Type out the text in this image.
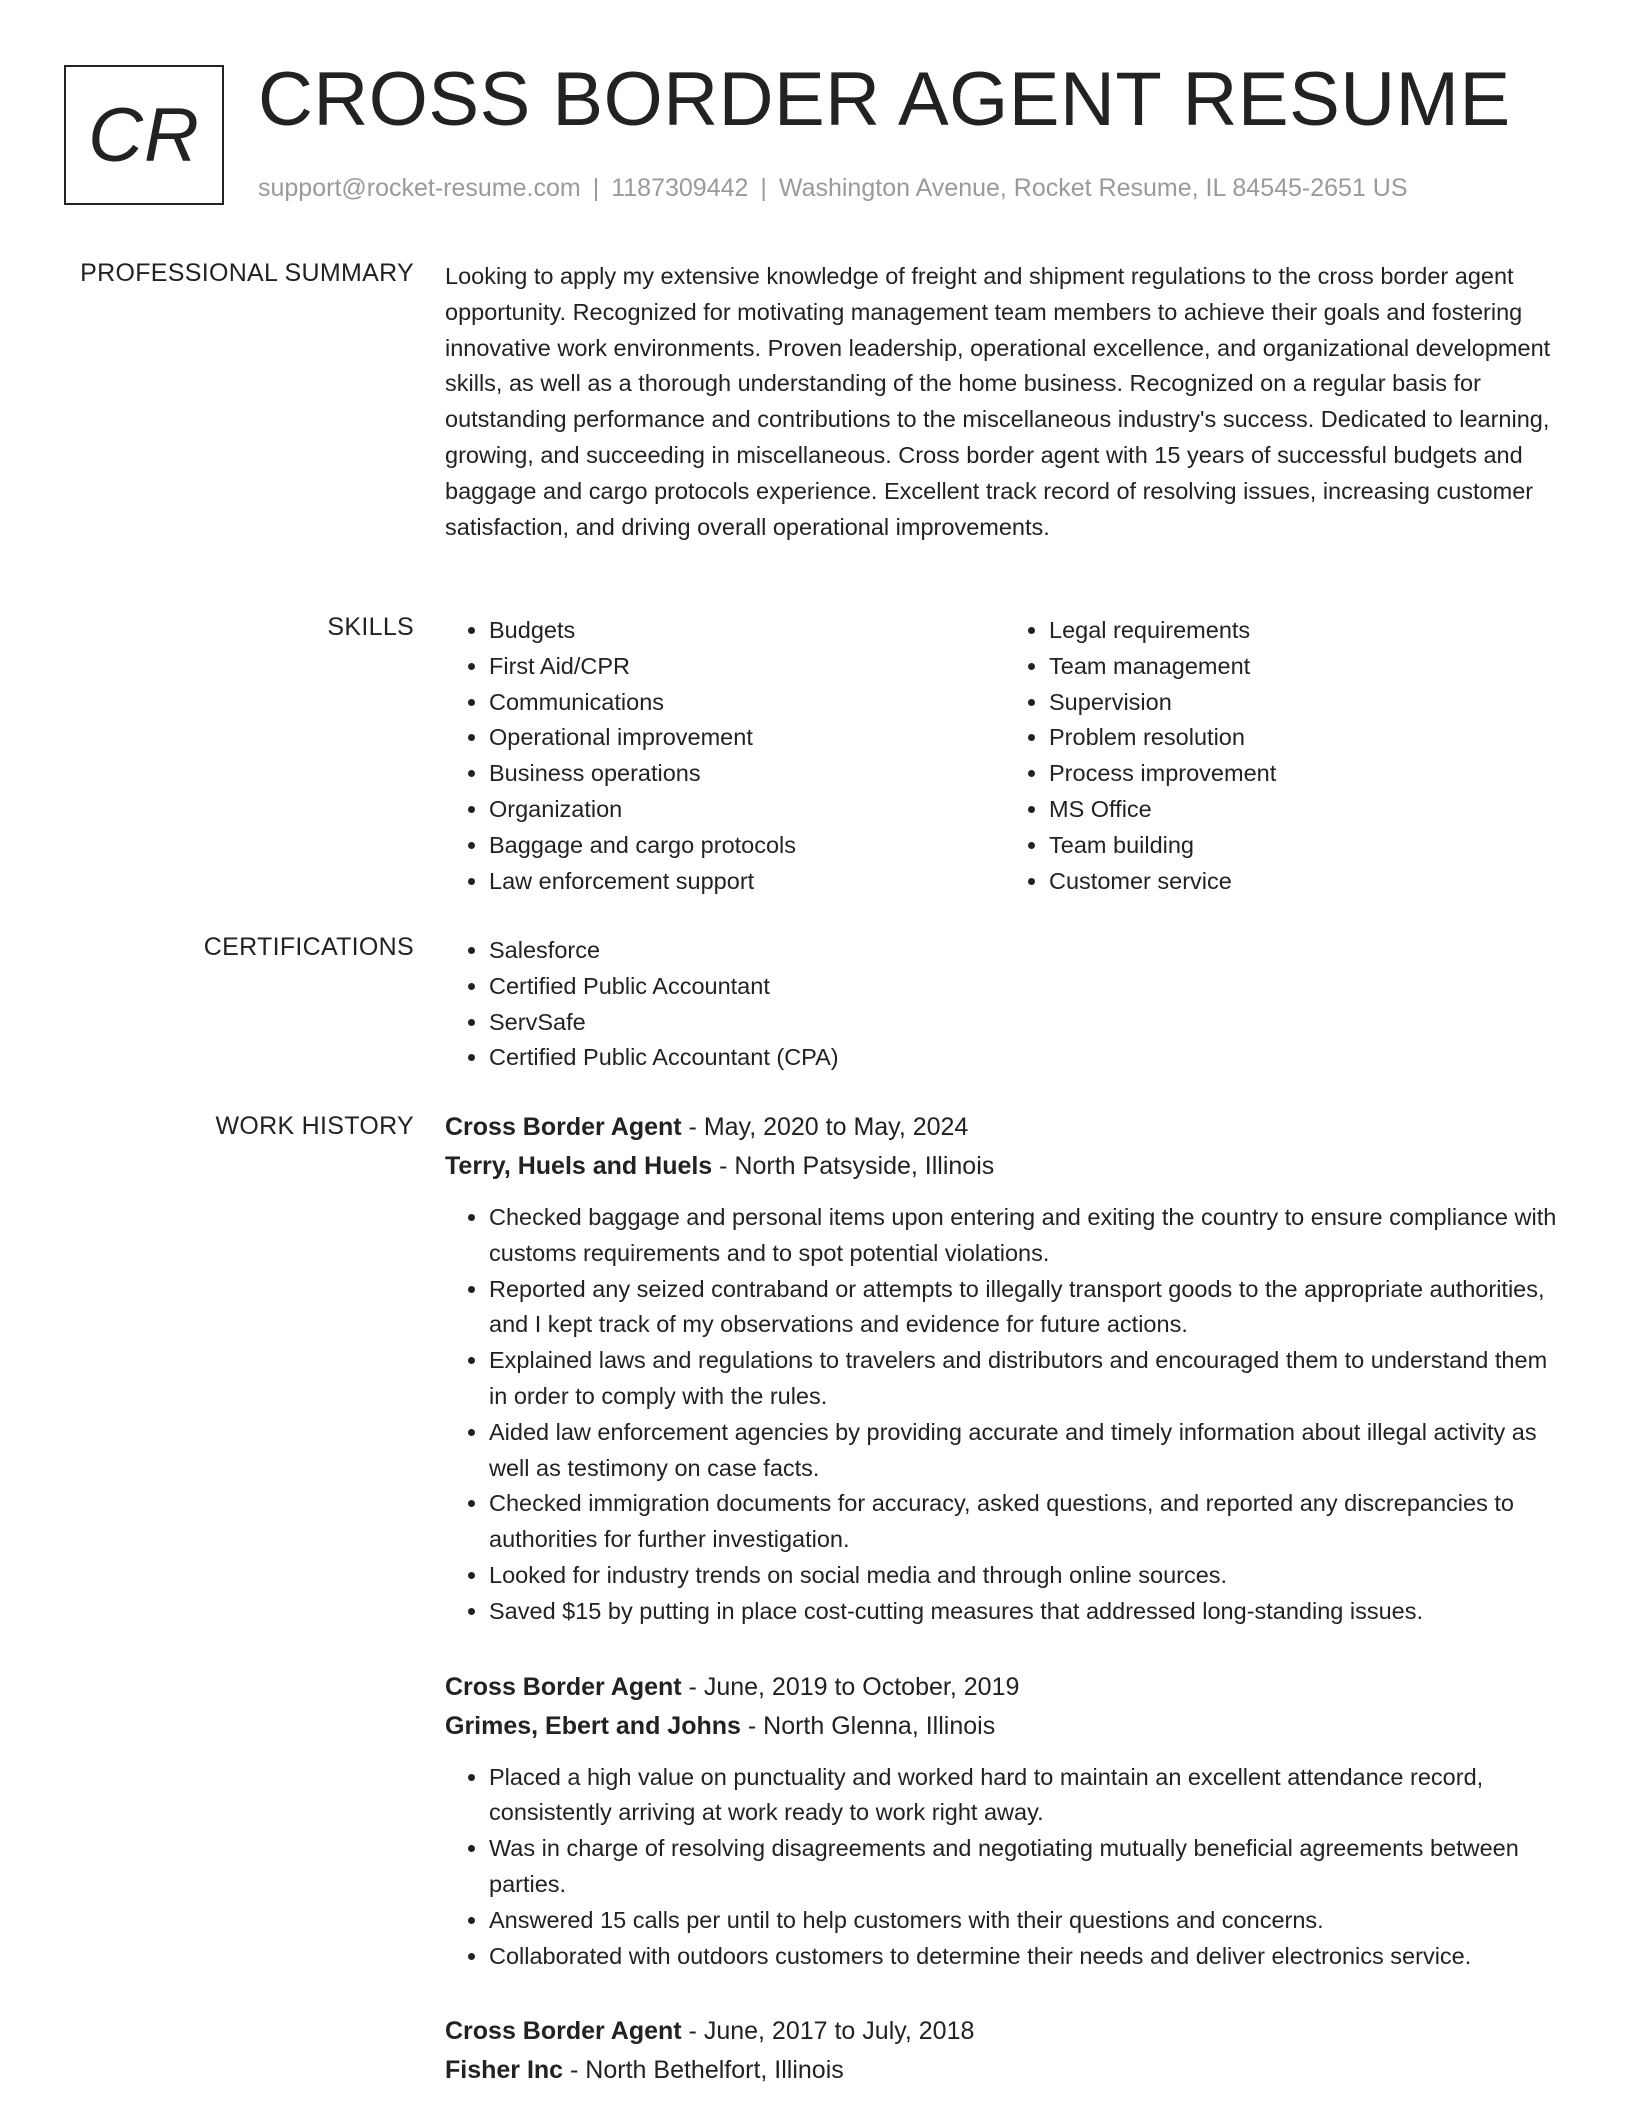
CR CROSS BORDER AGENT RESUME
support@rocket-resume.com | 1187309442 | Washington Avenue, Rocket Resume, IL 84545-2651 US
PROFESSIONAL SUMMARY Looking to apply my extensive knowledge of freight and shipment regulations to the cross border agent opportunity. Recognized for motivating management team members to achieve their goals and fostering innovative work environments. Proven leadership, operational excellence, and organizational development skills, as well as a thorough understanding of the home business. Recognized on a regular basis for outstanding performance and contributions to the miscellaneous industry's success. Dedicated to learning, growing, and succeeding in miscellaneous. Cross border agent with 15 years of successful budgets and baggage and cargo protocols experience. Excellent track record of resolving issues, increasing customer satisfaction, and driving overall operational improvements.
SKILLS	• Budgets
• First Aid/CPR
• Communications
• Operational improvement
• Business operations
• Organization
• Baggage and cargo protocols
• Law enforcement support
• Legal requirements
• Team management
• Supervision
• Problem resolution
• Process improvement
• MS Office
• Team building
• Customer service
CERTIFICATIONS	• Salesforce
• Certified Public Accountant
• ServSafe
• Certified Public Accountant (CPA)
WORK HISTORY Cross Border Agent - May, 2020 to May, 2024
Terry, Huels and Huels - North Patsyside, Illinois
• Checked baggage and personal items upon entering and exiting the country to ensure compliance with customs requirements and to spot potential violations.
• Reported any seized contraband or attempts to illegally transport goods to the appropriate authorities, and I kept track of my observations and evidence for future actions.
• Explained laws and regulations to travelers and distributors and encouraged them to understand them in order to comply with the rules.
• Aided law enforcement agencies by providing accurate and timely information about illegal activity as well as testimony on case facts.
• Checked immigration documents for accuracy, asked questions, and reported any discrepancies to authorities for further investigation.
• Looked for industry trends on social media and through online sources.
• Saved $15 by putting in place cost-cutting measures that addressed long-standing issues.
Cross Border Agent - June, 2019 to October, 2019
Grimes, Ebert and Johns - North Glenna, Illinois
• Placed a high value on punctuality and worked hard to maintain an excellent attendance record, consistently arriving at work ready to work right away.
• Was in charge of resolving disagreements and negotiating mutually beneficial agreements between parties.
• Answered 15 calls per until to help customers with their questions and concerns.
• Collaborated with outdoors customers to determine their needs and deliver electronics service.
Cross Border Agent - June, 2017 to July, 2018
Fisher Inc - North Bethelfort, Illinois
